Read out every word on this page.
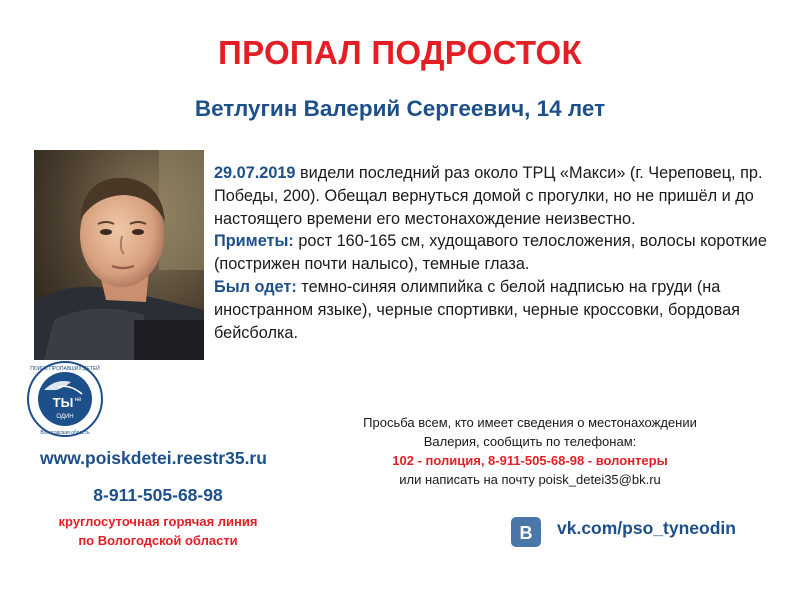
ПРОПАЛ ПОДРОСТОК
Ветлугин Валерий Сергеевич, 14 лет
ТЫ не
ОДИН
ПОИСК ПРОПАВШИХ ДЕТЕЙ
Вологодская область

29.07.2019 видели последний раз около ТРЦ «Макси» (г. Череповец, пр. Победы, 200). Обещал вернуться домой с прогулки, но не пришёл и до настоящего времени его местонахождение неизвестно.

Приметы: рост 160-165 см, худощавого телосложения, волосы короткие (пострижен почти налысо), темные глаза.

Был одет: темно-синяя олимпийка с белой надписью на груди (на иностранном языке), черные спортивки, черные кроссовки, бордовая бейсболка.

www.poiskdetei.reestr35.ru
8-911-505-68-98
круглосуточная горячая линия
по Вологодской области
Просьба всем, кто имеет сведения о местонахождении
Валерия, сообщить по телефонам:
102 - полиция, 8-911-505-68-98 - волонтеры
или написать на почту poisk_detei35@bk.ru
В vk.com/pso_tyneodin
